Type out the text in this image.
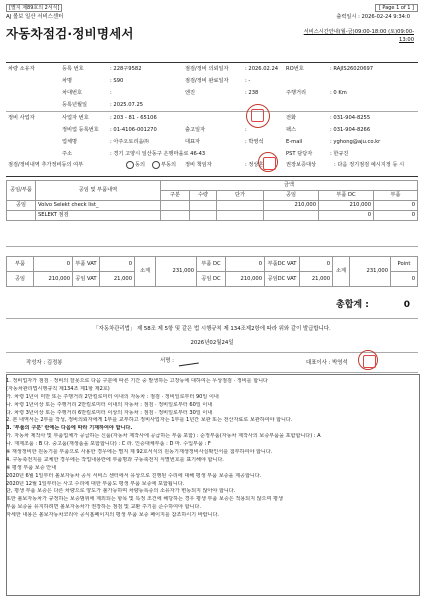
[별지 제89호의 2서식]	[ Page 1 of 1 ]
AJ 볼보 일산 서비스센터	출력일시 : 2026-02-24 9:34:0
자동차점검·정비명세서	서비스시간안내(월-금)09:00-18:00 (토)09:00-13:00
차량 소유자	등록 번호	: 228구9582
차명	: S90
차대번호	:
등록년월일	: 2025.07.25
점검/정비 의뢰일자	: 2026.02.24
점검/정비 완료일자	: -
엔진	: 238
RO번호	: RAJIS26020697
주행거리	: 0 Km
정비 사업자	사업자 번호	: 203 - 81 - 65106
정비업 등록번호 : 01-4106-001270
업체명	: 아주오토리움㈜
주소	: 경기 고양시 일산동구 은행마을로 46-43
출고일자	:
대표자	: 박영석
전화	: 031-904-8255
팩스	: 031-904-8266
E-mail	: yghong@aju.co.kr
PST 담당자	: 한규진
권장보증대상	: 다음 정기점검 예시지정 등 시
점검/정비내역 추가정비등의 여부	동의	부동의 정비 책임자	: 정상훈
공임/부품	공임 및 부품내역	금액					
		구분	수량	단가	공임	부품 DC	부품
공임	Volvo Selekt check list_				210,000	210,000	0
	SELEKT 점검					0	0
부품	0	부품 VAT	0	소계	231,000	부품 DC	0	부품DC VAT	0	소계	231,000	Point
공임	210,000	공임 VAT	21,000			공임 DC	210,000	공임DC VAT	21,000			0
총합계 :	0
「자동차관리법」 제 58조 제 5항 및 같은 법 시행규칙 제 134조제2항에 따라 위와 같이 발급합니다.
2026년02월24일
작성자 : 김정봉	서명 :	대표이사 : 박영석
1. 정비업자가 점검 · 정비의 잘못으로 다음 구분에 따른 기간 중 발생하는 고장등에 대하여는 무상점검 · 정비를 합니다
(자동차관리법시행규칙 제134조 제1항 제2호)
가. 차령 1년이 미만 또는 주행거리 2만킬로미터 이내의 자동차 : 점검 · 정비일로부터 90일 이내
나. 차령 1년이상 또는 주행거리 2만킬로미터 이내의 자동차 : 점검 · 정비일로부터 60일 이내
다. 차령 3년이상 또는 주행거리 6만킬로미터 이상의 자동차 : 점검 · 정비일로부터 30일 이내
2. 본 내역서는 2부를 작성, 정비의뢰자에게 1부를 교부하고 정비사업자는 1부를 1년간 보관 또는 전산자료로 보관하여야 합니다.
3. '부품의 구분' 란에는 다음에 따라 기재하여야 합니다.
가. 자동차 제작사 및 부품업체가 공급하는 신품(자동차 제작사에 공급하는 부품 포함) : 순정부품(자동차 제작사의 보증부품을 포함합니다) : A
나. 재제조품 : B 다. 중고품(재생품을 포함합니다) : C 라. 인증대체부품 : D 마. 수입부품 : F
※ 재생정비한 원동기를 부품으로 사용한 경우에는 별지 제 92호서식의 원동기재생정비사실확인서를 첨부하여야 합니다.
4. 구동축전지를 교체한 경우에는 작업내용란에 부품명과 구동축전지 식별번호를 표기해야 합니다.
※ 평생 부품 보증 안내
2020년 6월 1일부터 볼보자동차 공식 서비스 센터에서 유상으로 진행된 수리에 대해 평생 부품 보증을 제공합니다.
2020년 12월 1일부터는 사고 수리에 대한 부품도 평생 부품 보증에 포함됩니다.
단, 평생 부품 보증은 다른 차량으로 양도가 불가능하며 차량등록증의 소유자가 변동되지 않아야 합니다.
또한 볼보자동차가 규정하는 보증범위에 제외되는 항목 및 특정 조건에 해당하는 경우 평생 부품 보증은 적용되지 않으며 평생
부품 보증을 유지하려면 볼보자동차가 권장하는 점검 및 교환 주기를 준수하여야 합니다.
자세한 내용은 볼보자동차코리아 공식홈페이지의 평생 부품 보증 페이지를 참조하시기 바랍니다.
